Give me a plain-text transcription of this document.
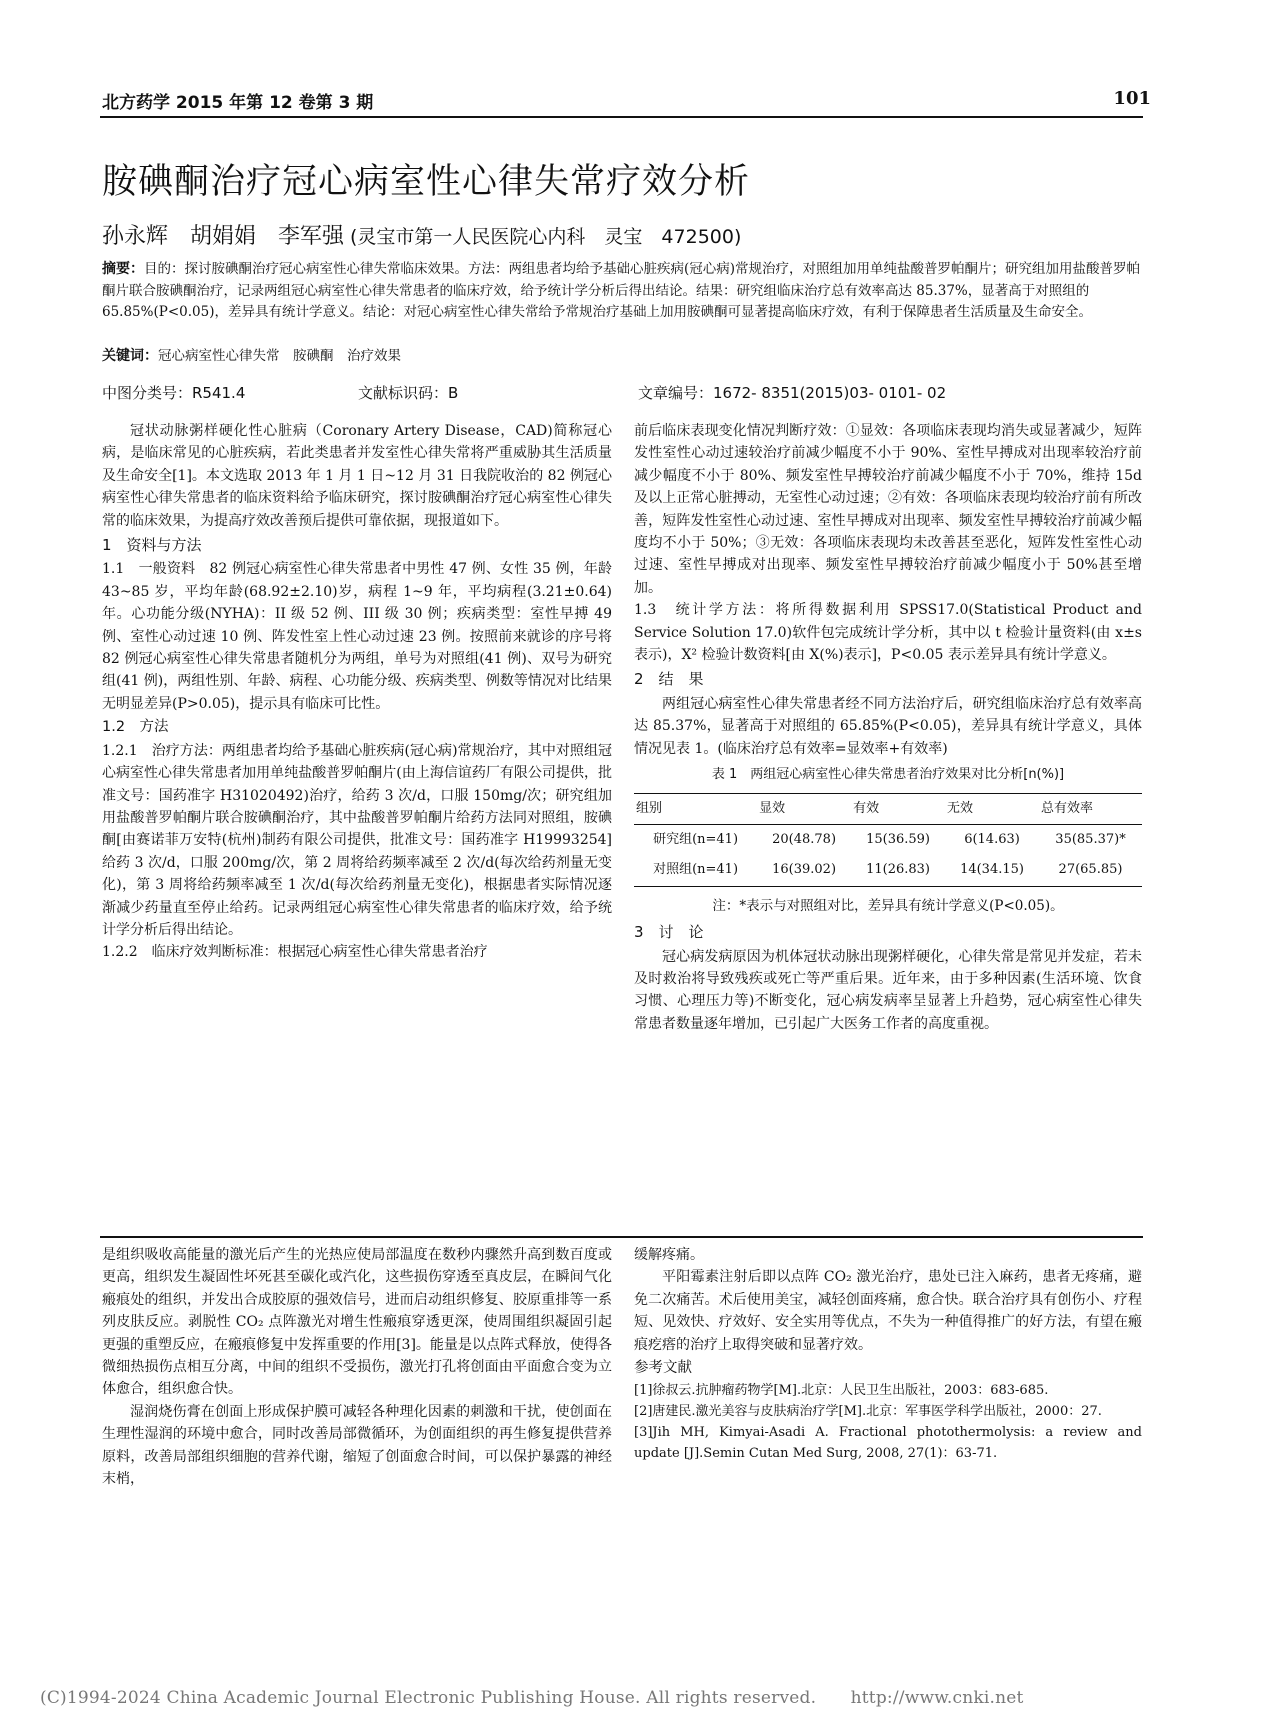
北方药学 2015 年第 12 卷第 3 期	101
胺碘酮治疗冠心病室性心律失常疗效分析
孙永辉　胡娟娟　李军强 (灵宝市第一人民医院心内科　灵宝　472500)
摘要：目的：探讨胺碘酮治疗冠心病室性心律失常临床效果。方法：两组患者均给予基础心脏疾病(冠心病)常规治疗，对照组加用单纯盐酸普罗帕酮片；研究组加用盐酸普罗帕酮片联合胺碘酮治疗，记录两组冠心病室性心律失常患者的临床疗效，给予统计学分析后得出结论。结果：研究组临床治疗总有效率高达 85.37%，显著高于对照组的 65.85%(P<0.05)，差异具有统计学意义。结论：对冠心病室性心律失常给予常规治疗基础上加用胺碘酮可显著提高临床疗效，有利于保障患者生活质量及生命安全。
关键词：冠心病室性心律失常　胺碘酮　治疗效果
中图分类号：R541.4	文献标识码：B	文章编号：1672- 8351(2015)03- 0101- 02

冠状动脉粥样硬化性心脏病（Coronary Artery Disease，CAD)简称冠心病，是临床常见的心脏疾病，若此类患者并发室性心律失常将严重威胁其生活质量及生命安全[1]。本文选取 2013 年 1 月 1 日~12 月 31 日我院收治的 82 例冠心病室性心律失常患者的临床资料给予临床研究，探讨胺碘酮治疗冠心病室性心律失常的临床效果，为提高疗效改善预后提供可靠依据，现报道如下。

1　资料与方法

1.1　一般资料　82 例冠心病室性心律失常患者中男性 47 例、女性 35 例，年龄 43~85 岁，平均年龄(68.92±2.10)岁，病程 1~9 年，平均病程(3.21±0.64)年。心功能分级(NYHA)：II 级 52 例、III 级 30 例；疾病类型：室性早搏 49 例、室性心动过速 10 例、阵发性室上性心动过速 23 例。按照前来就诊的序号将 82 例冠心病室性心律失常患者随机分为两组，单号为对照组(41 例)、双号为研究组(41 例)，两组性别、年龄、病程、心功能分级、疾病类型、例数等情况对比结果无明显差异(P>0.05)，提示具有临床可比性。

1.2　方法

1.2.1　治疗方法：两组患者均给予基础心脏疾病(冠心病)常规治疗，其中对照组冠心病室性心律失常患者加用单纯盐酸普罗帕酮片(由上海信谊药厂有限公司提供，批准文号：国药准字 H31020492)治疗，给药 3 次/d，口服 150mg/次；研究组加用盐酸普罗帕酮片联合胺碘酮治疗，其中盐酸普罗帕酮片给药方法同对照组，胺碘酮[由赛诺菲万安特(杭州)制药有限公司提供，批准文号：国药准字 H19993254]给药 3 次/d，口服 200mg/次，第 2 周将给药频率减至 2 次/d(每次给药剂量无变化)，第 3 周将给药频率减至 1 次/d(每次给药剂量无变化)，根据患者实际情况逐渐减少药量直至停止给药。记录两组冠心病室性心律失常患者的临床疗效，给予统计学分析后得出结论。

1.2.2　临床疗效判断标准：根据冠心病室性心律失常患者治疗

前后临床表现变化情况判断疗效：①显效：各项临床表现均消失或显著减少，短阵发性室性心动过速较治疗前减少幅度不小于 90%、室性早搏成对出现率较治疗前减少幅度不小于 80%、频发室性早搏较治疗前减少幅度不小于 70%，维持 15d 及以上正常心脏搏动，无室性心动过速；②有效：各项临床表现均较治疗前有所改善，短阵发性室性心动过速、室性早搏成对出现率、频发室性早搏较治疗前减少幅度均不小于 50%；③无效：各项临床表现均未改善甚至恶化，短阵发性室性心动过速、室性早搏成对出现率、频发室性早搏较治疗前减少幅度小于 50%甚至增加。

1.3　统计学方法：将所得数据利用 SPSS17.0(Statistical Product and Service Solution 17.0)软件包完成统计学分析，其中以 t 检验计量资料(由 x±s 表示)，X² 检验计数资料[由 X(%)表示]，P<0.05 表示差异具有统计学意义。

2　结　果

两组冠心病室性心律失常患者经不同方法治疗后，研究组临床治疗总有效率高达 85.37%，显著高于对照组的 65.85%(P<0.05)，差异具有统计学意义，具体情况见表 1。(临床治疗总有效率=显效率+有效率)

表 1　两组冠心病室性心律失常患者治疗效果对比分析[n(%)]
组别	显效	有效	无效	总有效率
研究组(n=41)	20(48.78)	15(36.59)	6(14.63)	35(85.37)*
对照组(n=41)	16(39.02)	11(26.83)	14(34.15)	27(65.85)
注：*表示与对照组对比，差异具有统计学意义(P<0.05)。

3　讨　论

冠心病发病原因为机体冠状动脉出现粥样硬化，心律失常是常见并发症，若未及时救治将导致残疾或死亡等严重后果。近年来，由于多种因素(生活环境、饮食习惯、心理压力等)不断变化，冠心病发病率呈显著上升趋势，冠心病室性心律失常患者数量逐年增加，已引起广大医务工作者的高度重视。

是组织吸收高能量的激光后产生的光热应使局部温度在数秒内骤然升高到数百度或更高，组织发生凝固性坏死甚至碳化或汽化，这些损伤穿透至真皮层，在瞬间气化瘢痕处的组织，并发出合成胶原的强效信号，进而启动组织修复、胶原重排等一系列皮肤反应。剥脱性 CO₂ 点阵激光对增生性瘢痕穿透更深，使周围组织凝固引起更强的重塑反应，在瘢痕修复中发挥重要的作用[3]。能量是以点阵式释放，使得各微细热损伤点相互分离，中间的组织不受损伤，激光打孔将创面由平面愈合变为立体愈合，组织愈合快。

湿润烧伤膏在创面上形成保护膜可减轻各种理化因素的刺激和干扰，使创面在生理性湿润的环境中愈合，同时改善局部微循环，为创面组织的再生修复提供营养原料，改善局部组织细胞的营养代谢，缩短了创面愈合时间，可以保护暴露的神经末梢，

缓解疼痛。

平阳霉素注射后即以点阵 CO₂ 激光治疗，患处已注入麻药，患者无疼痛，避免二次痛苦。术后使用美宝，减轻创面疼痛，愈合快。联合治疗具有创伤小、疗程短、见效快、疗效好、安全实用等优点，不失为一种值得推广的好方法，有望在瘢痕疙瘩的治疗上取得突破和显著疗效。

参考文献

[1]徐叔云.抗肿瘤药物学[M].北京：人民卫生出版社，2003：683-685.

[2]唐建民.激光美容与皮肤病治疗学[M].北京：军事医学科学出版社，2000：27.

[3]Jih MH, Kimyai-Asadi A. Fractional photothermolysis: a review and update [J].Semin Cutan Med Surg, 2008, 27(1)：63-71.

(C)1994-2024 China Academic Journal Electronic Publishing House. All rights reserved.　　http://www.cnki.net
